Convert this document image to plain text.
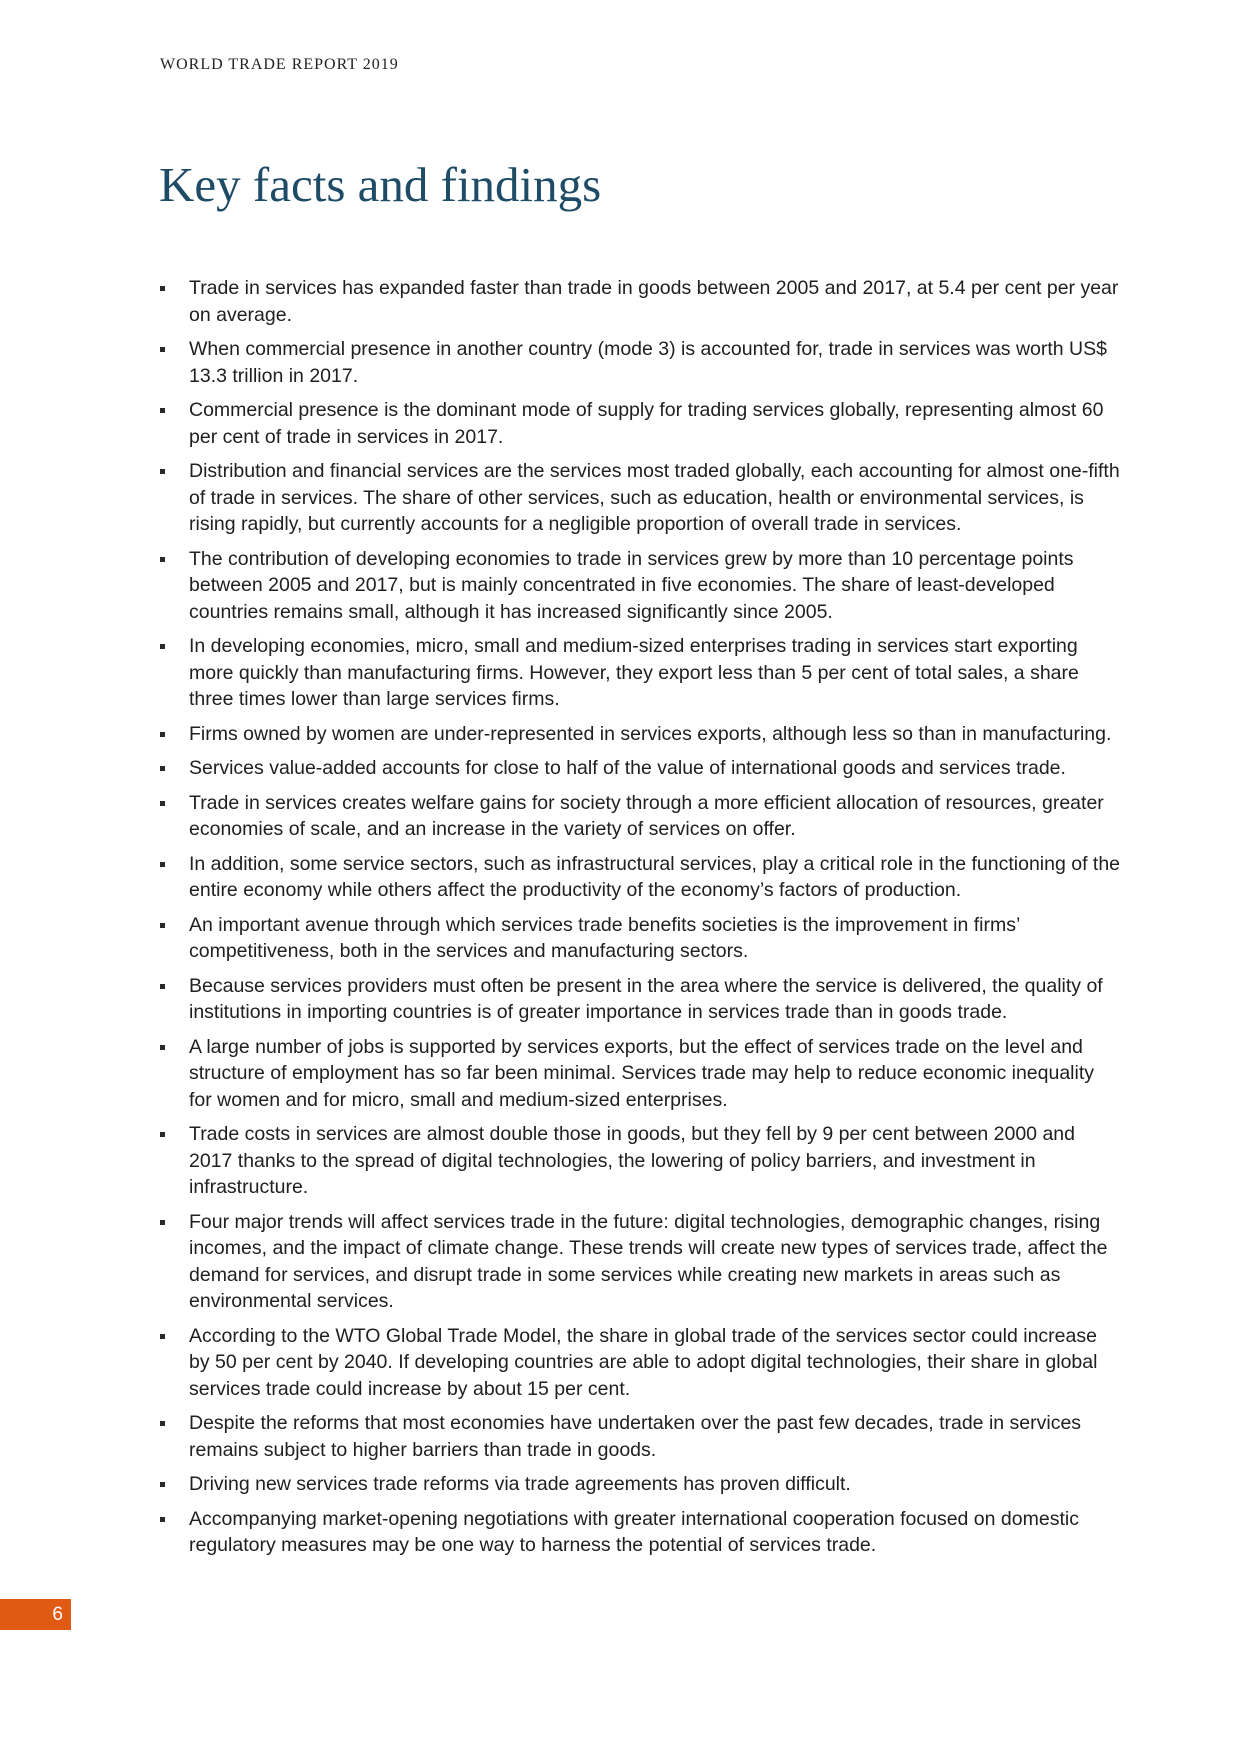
WORLD TRADE REPORT 2019
Key facts and findings
Trade in services has expanded faster than trade in goods between 2005 and 2017, at 5.4 per cent per year on average.
When commercial presence in another country (mode 3) is accounted for, trade in services was worth US$ 13.3 trillion in 2017.
Commercial presence is the dominant mode of supply for trading services globally, representing almost 60 per cent of trade in services in 2017.
Distribution and financial services are the services most traded globally, each accounting for almost one-fifth of trade in services. The share of other services, such as education, health or environmental services, is rising rapidly, but currently accounts for a negligible proportion of overall trade in services.
The contribution of developing economies to trade in services grew by more than 10 percentage points between 2005 and 2017, but is mainly concentrated in five economies. The share of least-developed countries remains small, although it has increased significantly since 2005.
In developing economies, micro, small and medium-sized enterprises trading in services start exporting more quickly than manufacturing firms. However, they export less than 5 per cent of total sales, a share three times lower than large services firms.
Firms owned by women are under-represented in services exports, although less so than in manufacturing.
Services value-added accounts for close to half of the value of international goods and services trade.
Trade in services creates welfare gains for society through a more efficient allocation of resources, greater economies of scale, and an increase in the variety of services on offer.
In addition, some service sectors, such as infrastructural services, play a critical role in the functioning of the entire economy while others affect the productivity of the economy’s factors of production.
An important avenue through which services trade benefits societies is the improvement in firms’ competitiveness, both in the services and manufacturing sectors.
Because services providers must often be present in the area where the service is delivered, the quality of institutions in importing countries is of greater importance in services trade than in goods trade.
A large number of jobs is supported by services exports, but the effect of services trade on the level and structure of employment has so far been minimal. Services trade may help to reduce economic inequality for women and for micro, small and medium-sized enterprises.
Trade costs in services are almost double those in goods, but they fell by 9 per cent between 2000 and 2017 thanks to the spread of digital technologies, the lowering of policy barriers, and investment in infrastructure.
Four major trends will affect services trade in the future: digital technologies, demographic changes, rising incomes, and the impact of climate change. These trends will create new types of services trade, affect the demand for services, and disrupt trade in some services while creating new markets in areas such as environmental services.
According to the WTO Global Trade Model, the share in global trade of the services sector could increase by 50 per cent by 2040. If developing countries are able to adopt digital technologies, their share in global services trade could increase by about 15 per cent.
Despite the reforms that most economies have undertaken over the past few decades, trade in services remains subject to higher barriers than trade in goods.
Driving new services trade reforms via trade agreements has proven difficult.
Accompanying market-opening negotiations with greater international cooperation focused on domestic regulatory measures may be one way to harness the potential of services trade.
6
